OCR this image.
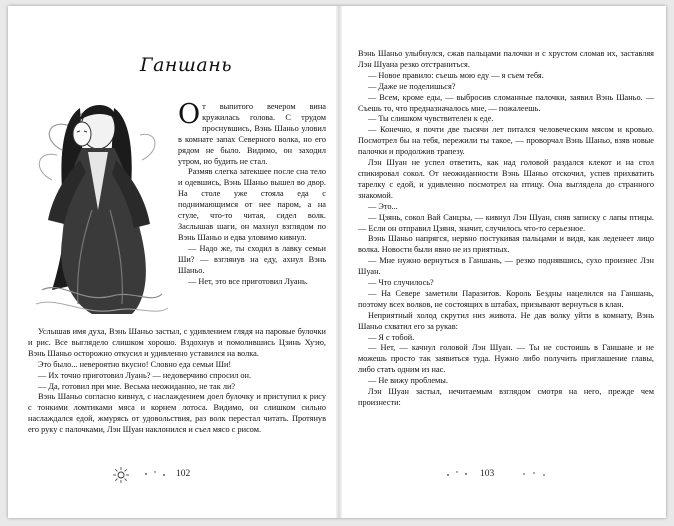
Ганшань

От выпитого вечером вина кружилась голова. С трудом проснувшись, Вэнь Шаньо уловил в комнате запах Северного волка, но его рядом не было. Видимо, он заходил утром, но будить не стал.

Размяв слегка затекшее после сна тело и одевшись, Вэнь Шаньо вышел во двор. На столе уже стояла еда с поднимающимся от нее паром, а на стуле, что-то читая, сидел волк. Заслышав шаги, он махнул взглядом по Вэнь Шаньо и едва уловимо кивнул.

— Надо же, ты сходил в лавку семьи Ши? — взглянув на еду, ахнул Вэнь Шаньо.

— Нет, это все приготовил Луань.

Услышав имя духа, Вэнь Шаньо застыл, с удивлением глядя на паровые булочки и рис. Все выглядело слишком хорошо. Вздохнув и помолившись Цзинь Хуэю, Вэнь Шаньо осторожно откусил и удивленно уставился на волка.

Это было... невероятно вкусно! Словно еда семьи Ши!

— Их точно приготовил Луань? — недоверчиво спросил он.

— Да, готовил при мне. Весьма неожиданно, не так ли?

Вэнь Шаньо согласно кивнул, с наслаждением доел булочку и приступил к рису с тонкими ломтиками мяса и корнем лотоса. Видимо, он слишком сильно наслаждался едой, жмурясь от удовольствия, раз волк перестал читать. Протянув его руку с палочками, Лэн Шуан наклонился и съел мясо с рисом.

102

Вэнь Шаньо улыбнулся, сжав пальцами палочки и с хрустом сломав их, заставляя Лэн Шуана резко отстраниться.

— Новое правило: съешь мою еду — я съем тебя.

— Даже не поделишься?

— Всем, кроме еды, — выбросив сломанные палочки, заявил Вэнь Шаньо. — Съешь то, что предназначалось мне, — пожалеешь.

— Ты слишком чувствителен к еде.

— Конечно, я почти две тысячи лет питался человеческим мясом и кровью. Посмотрел бы на тебя, пережили ты такое, — проворчал Вэнь Шаньо, взяв новые палочки и продолжив трапезу.

Лэн Шуан не успел ответить, как над головой раздался клекот и на стол спикировал сокол. От неожиданности Вэнь Шаньо отскочил, успев прихватить тарелку с едой, и удивленно посмотрел на птицу. Она выглядела до странного знакомой.

— Это...

— Цзянь, сокол Вай Санцзы, — кивнул Лэн Шуан, сняв записку с лапы птицы. — Если он отправил Цзяня, значит, случилось что-то серьезное.

Вэнь Шаньо напрягся, нервно постукивая пальцами и видя, как леденеет лицо волка. Новости были явно не из приятных.

— Мне нужно вернуться в Ганшань, — резко поднявшись, сухо произнес Лэн Шуан.

— Что случилось?

— На Севере заметили Паразитов. Король Бездны нацелился на Ганшань, поэтому всех волков, не состоящих в штабах, призывают вернуться в клан.

Неприятный холод скрутил низ живота. Не дав волку уйти в комнату, Вэнь Шаньо схватил его за рукав:

— Я с тобой.

— Нет, — качнул головой Лэн Шуан. — Ты не состоишь в Ганшане и не можешь просто так заявиться туда. Нужно либо получить приглашение главы, либо стать одним из нас.

— Не вижу проблемы.

Лэн Шуан застыл, нечитаемым взглядом смотря на него, прежде чем произнести:

103
